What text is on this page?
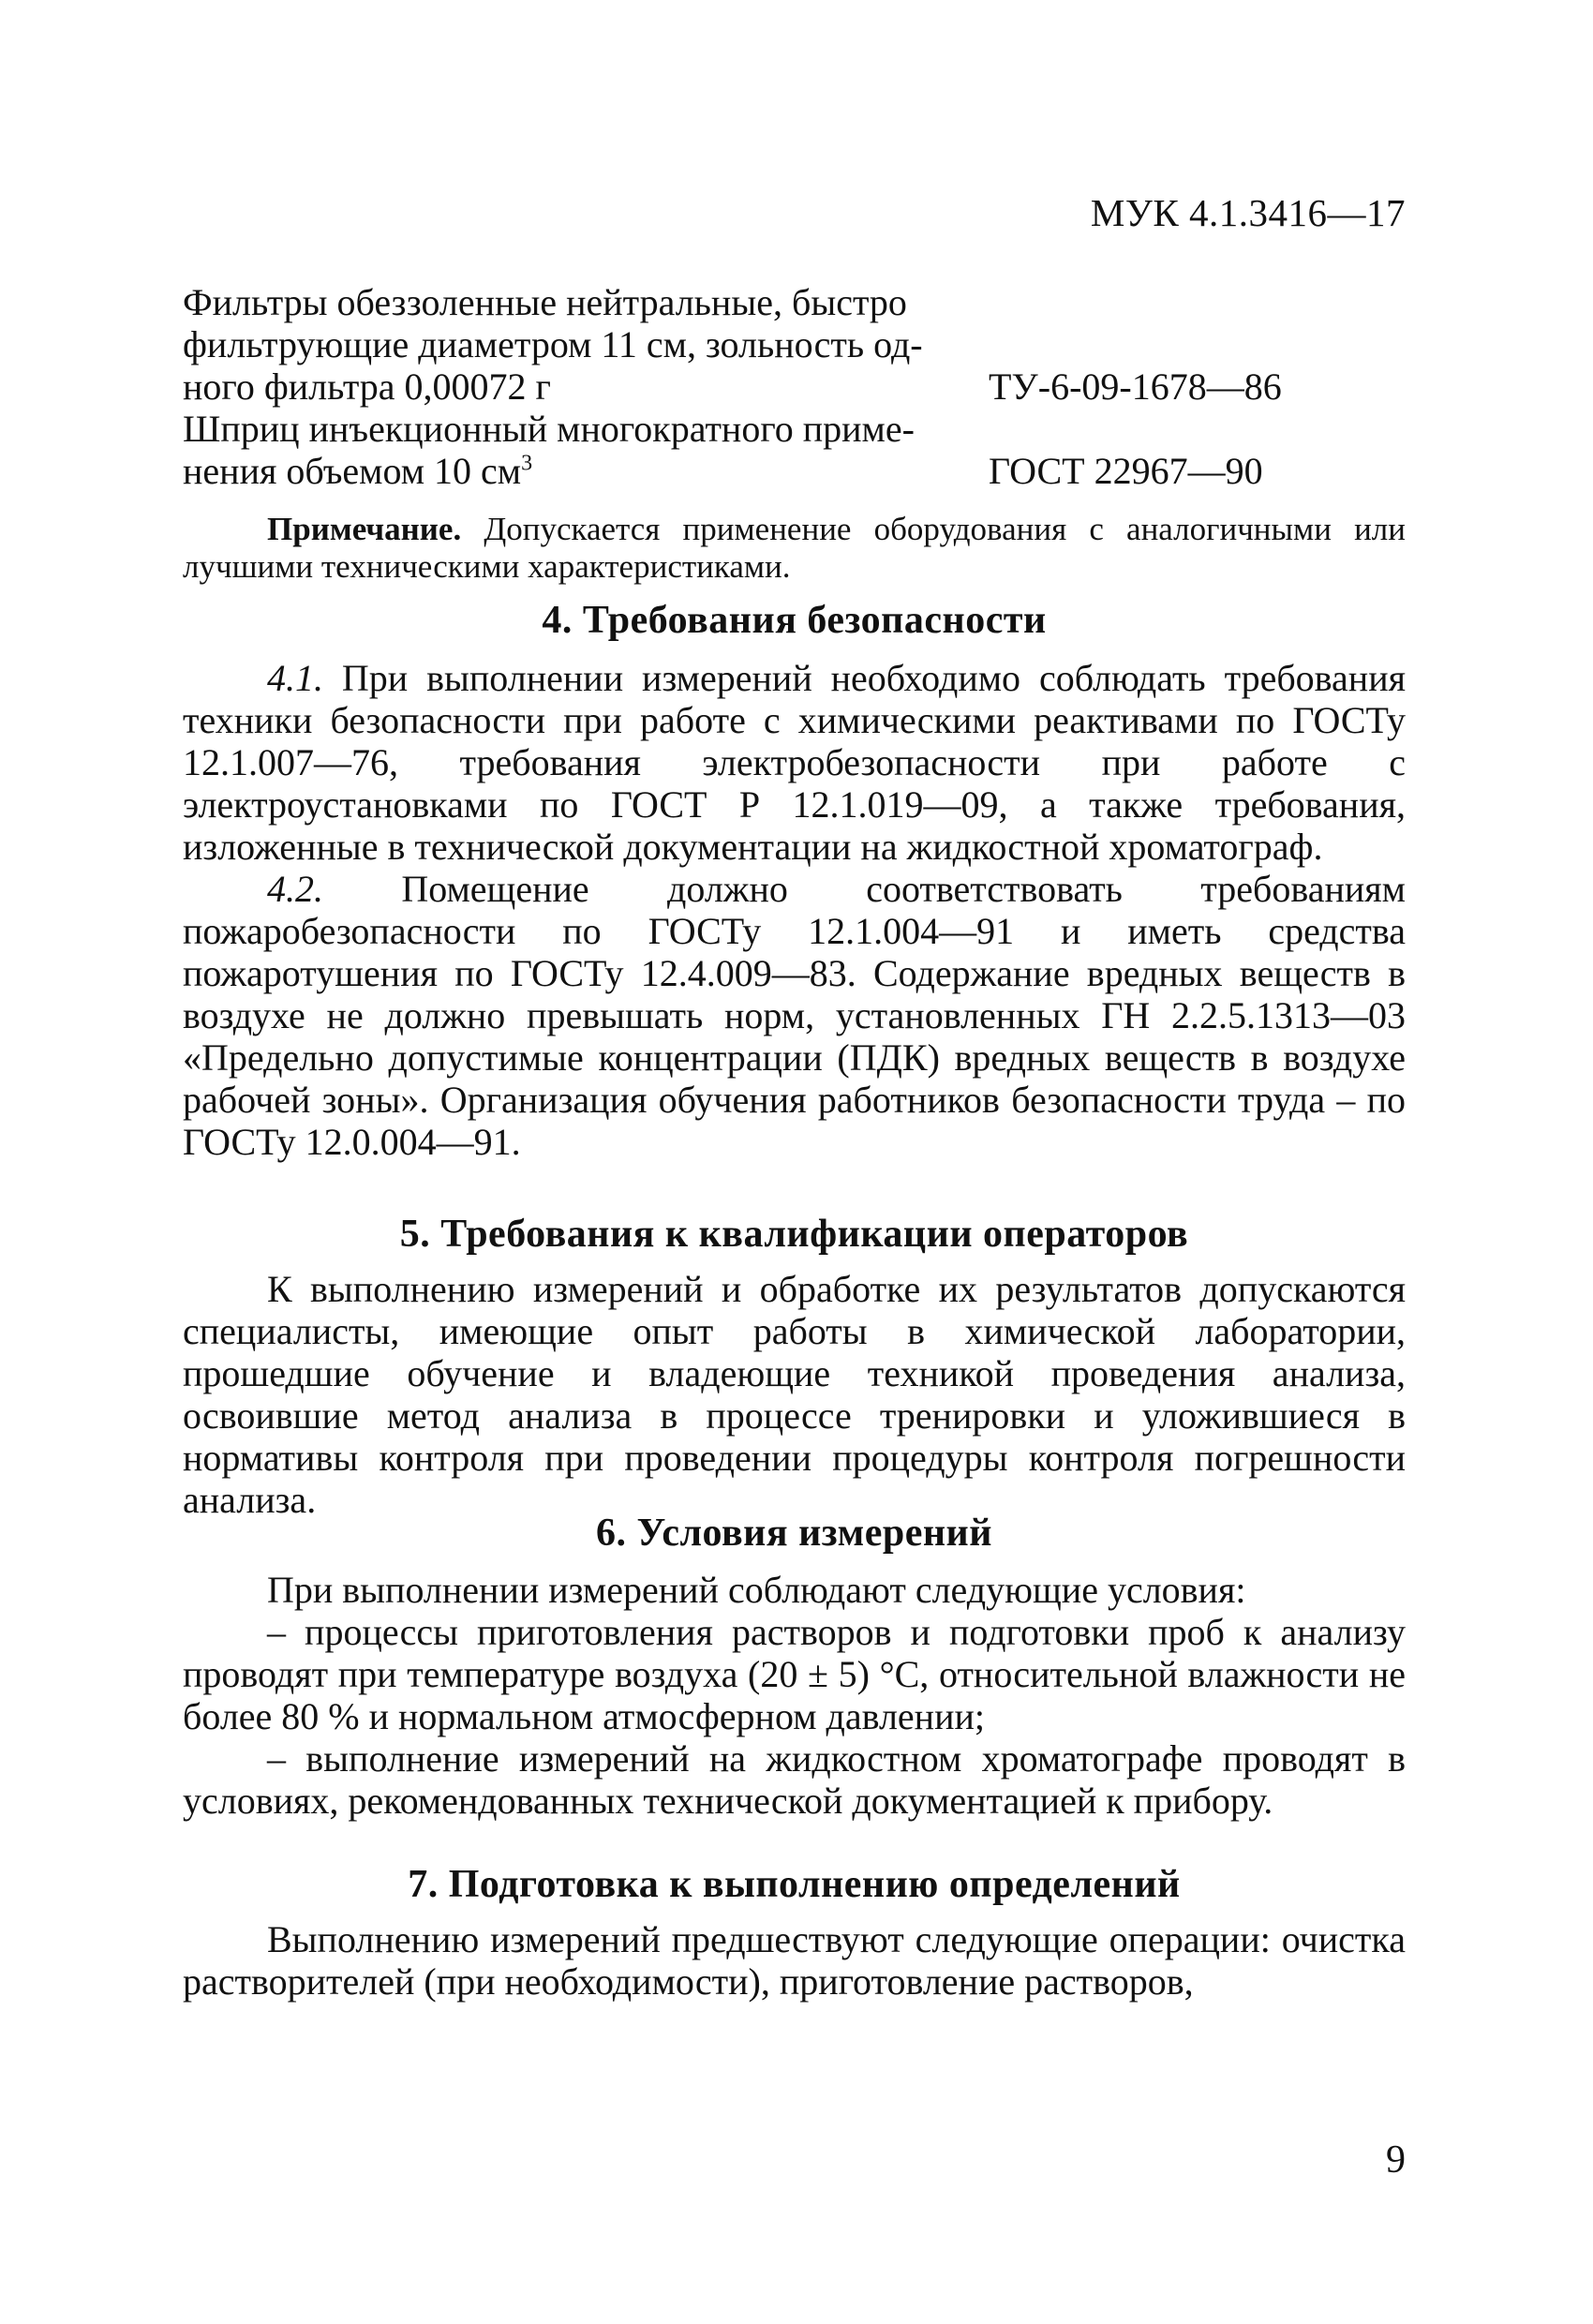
МУК 4.1.3416—17
Фильтры обеззоленные нейтральные, быстро
фильтрующие диаметром 11 см, зольность од-
ного фильтра 0,00072 г	ТУ-6-09-1678—86
Шприц инъекционный многократного приме-
нения объемом 10 $см^3$	ГОСТ 22967—90
Примечание. Допускается применение оборудования с аналогичными или лучшими техническими характеристиками.
4. Требования безопасности

4.1. При выполнении измерений необходимо соблюдать требования техники безопасности при работе с химическими реактивами по ГОСТу 12.1.007—76, требования электробезопасности при работе с электроустановками по ГОСТ Р 12.1.019—09, а также требования, изложенные в технической документации на жидкостной хроматограф.

4.2. Помещение должно соответствовать требованиям пожаробезопасности по ГОСТу 12.1.004—91 и иметь средства пожаротушения по ГОСТу 12.4.009—83. Содержание вредных веществ в воздухе не должно превышать норм, установленных ГН 2.2.5.1313—03 «Предельно допустимые концентрации (ПДК) вредных веществ в воздухе рабочей зоны». Организация обучения работников безопасности труда – по ГОСТу 12.0.004—91.

5. Требования к квалификации операторов

К выполнению измерений и обработке их результатов допускаются специалисты, имеющие опыт работы в химической лаборатории, прошедшие обучение и владеющие техникой проведения анализа, освоившие метод анализа в процессе тренировки и уложившиеся в нормативы контроля при проведении процедуры контроля погрешности анализа.

6. Условия измерений

При выполнении измерений соблюдают следующие условия:

– процессы приготовления растворов и подготовки проб к анализу проводят при температуре воздуха (20 ± 5) °С, относительной влажности не более 80 % и нормальном атмосферном давлении;

– выполнение измерений на жидкостном хроматографе проводят в условиях, рекомендованных технической документацией к прибору.

7. Подготовка к выполнению определений

Выполнению измерений предшествуют следующие операции: очистка растворителей (при необходимости), приготовление растворов,

9
